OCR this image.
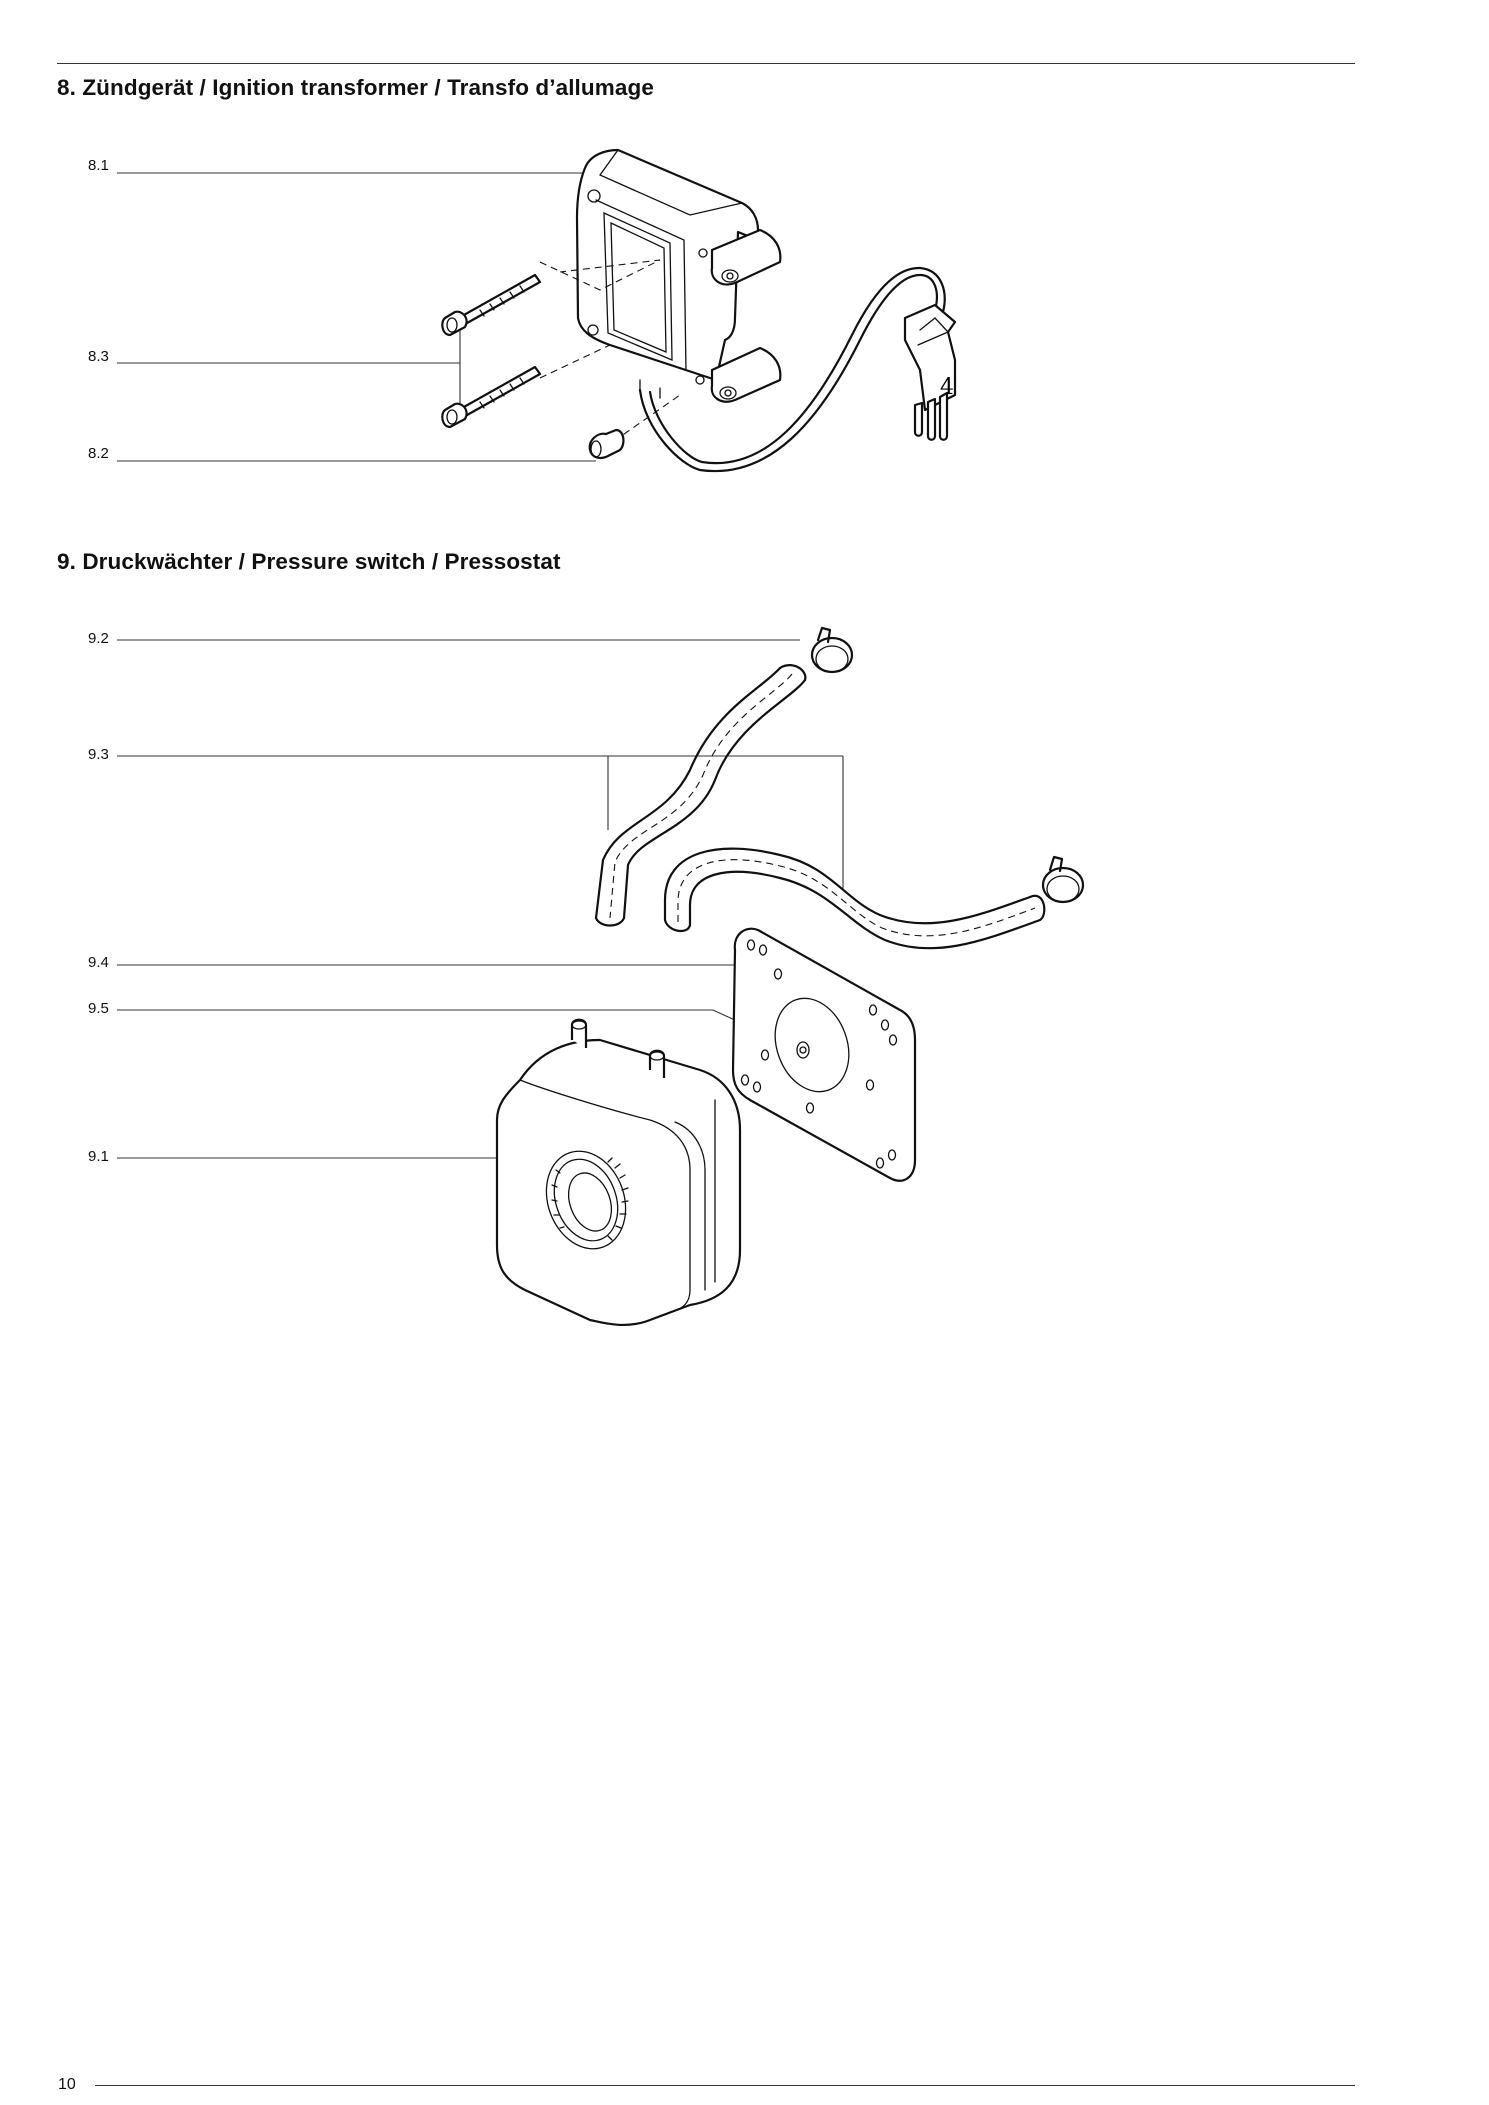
8. Zündgerät / Ignition transformer / Transfo d’allumage
8.1
8.3
8.2
9. Druckwächter / Pressure switch / Pressostat
9.2
9.3
9.4
9.5
9.1
4
10
